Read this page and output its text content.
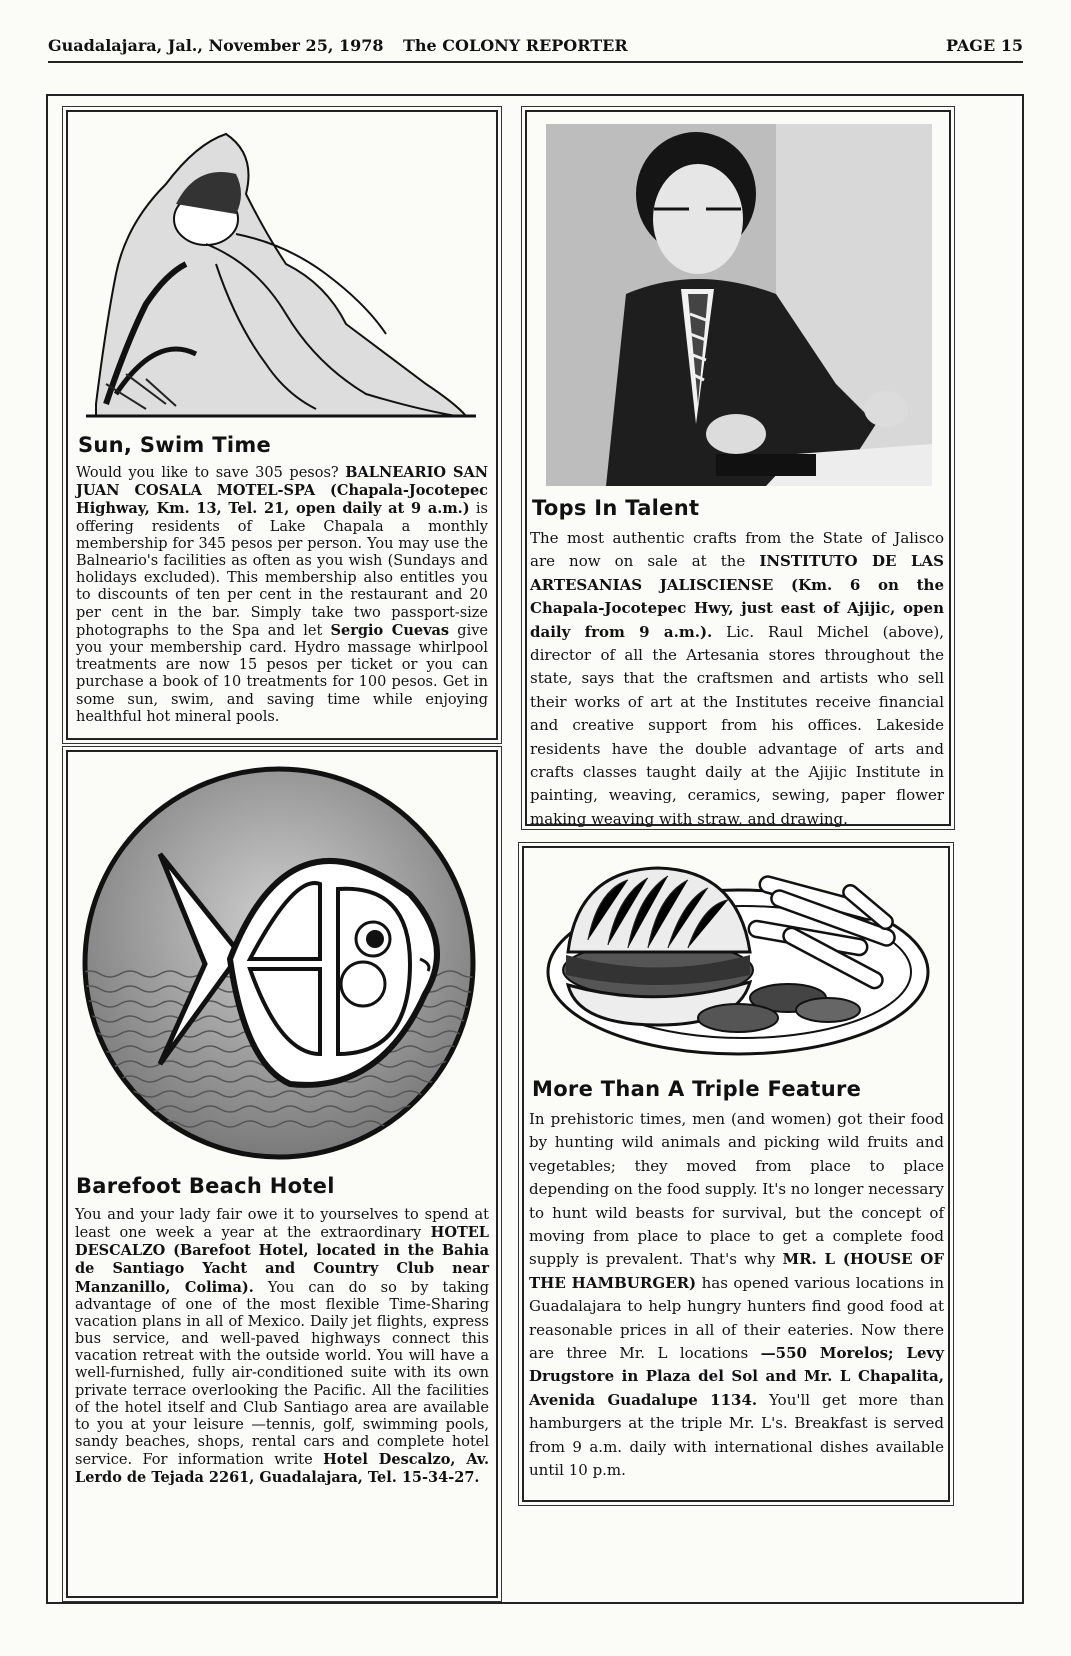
Guadalajara, Jal., November 25, 1978 The COLONY REPORTER	PAGE 15
Sun, Swim Time
Would you like to save 305 pesos? BALNEARIO SAN JUAN COSALA MOTEL-SPA (Chapala-Jocotepec Highway, Km. 13, Tel. 21, open daily at 9 a.m.) is offering residents of Lake Chapala a monthly membership for 345 pesos per person. You may use the Balneario's facilities as often as you wish (Sundays and holidays excluded). This membership also entitles you to discounts of ten per cent in the restaurant and 20 per cent in the bar. Simply take two passport-size photographs to the Spa and let Sergio Cuevas give you your membership card. Hydro massage whirlpool treatments are now 15 pesos per ticket or you can purchase a book of 10 treatments for 100 pesos. Get in some sun, swim, and saving time while enjoying healthful hot mineral pools.
Tops In Talent
The most authentic crafts from the State of Jalisco are now on sale at the INSTITUTO DE LAS ARTESANIAS JALISCIENSE (Km. 6 on the Chapala-Jocotepec Hwy, just east of Ajijic, open daily from 9 a.m.). Lic. Raul Michel (above), director of all the Artesania stores throughout the state, says that the craftsmen and artists who sell their works of art at the Institutes receive financial and creative support from his offices. Lakeside residents have the double advantage of arts and crafts classes taught daily at the Ajijic Institute in painting, weaving, ceramics, sewing, paper flower making weaving with straw, and drawing.
Barefoot Beach Hotel
You and your lady fair owe it to yourselves to spend at least one week a year at the extraordinary HOTEL DESCALZO (Barefoot Hotel, located in the Bahia de Santiago Yacht and Country Club near Manzanillo, Colima). You can do so by taking advantage of one of the most flexible Time-Sharing vacation plans in all of Mexico. Daily jet flights, express bus service, and well-paved highways connect this vacation retreat with the outside world. You will have a well-furnished, fully air-conditioned suite with its own private terrace overlooking the Pacific. All the facilities of the hotel itself and Club Santiago area are available to you at your leisure —tennis, golf, swimming pools, sandy beaches, shops, rental cars and complete hotel service. For information write Hotel Descalzo, Av. Lerdo de Tejada 2261, Guadalajara, Tel. 15-34-27.
More Than A Triple Feature
In prehistoric times, men (and women) got their food by hunting wild animals and picking wild fruits and vegetables; they moved from place to place depending on the food supply. It's no longer necessary to hunt wild beasts for survival, but the concept of moving from place to place to get a complete food supply is prevalent. That's why MR. L (HOUSE OF THE HAMBURGER) has opened various locations in Guadalajara to help hungry hunters find good food at reasonable prices in all of their eateries. Now there are three Mr. L locations —550 Morelos; Levy Drugstore in Plaza del Sol and Mr. L Chapalita, Avenida Guadalupe 1134. You'll get more than hamburgers at the triple Mr. L's. Breakfast is served from 9 a.m. daily with international dishes available until 10 p.m.
